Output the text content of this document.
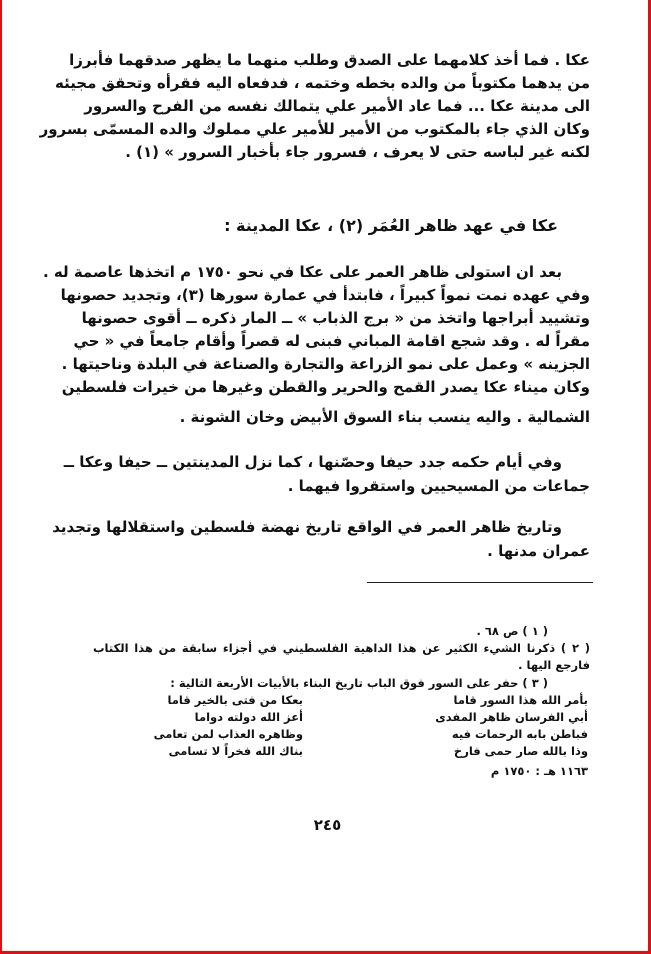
عكا . فما أخذ كلامهما على الصدق وطلب منهما ما يظهر صدقهما فأبرزا
من يدهما مكتوباً من والده بخطه وختمه ، فدفعاه اليه فقرأه وتحقق مجيئه
الى مدينة عكا ... فما عاد الأمير علي يتمالك نفسه من الفرح والسرور
وكان الذي جاء بالمكتوب من الأمير للأمير علي مملوك والده المسمّى بسرور
لكنه غير لباسه حتى لا يعرف ، فسرور جاء بأخبار السرور » (١) .
عكا في عهد ظاهر العُمَر (٢) ، عكا المدينة :
بعد ان استولى ظاهر العمر على عكا في نحو ١٧٥٠ م اتخذها عاصمة له .
وفي عهده نمت نمواً كبيراً ، فابتدأ في عمارة سورها (٣)، وتجديد حصونها
وتشييد أبراجها واتخذ من « برج الذباب » ــ المار ذكره ــ أقوى حصونها
مقراً له . وقد شجع اقامة المباني فبنى له قصراً وأقام جامعاً في « حي
الجزينه » وعمل على نمو الزراعة والتجارة والصناعة في البلدة وناحيتها .
وكان ميناء عكا يصدر القمح والحرير والقطن وغيرها من خيرات فلسطين
الشمالية . واليه ينسب بناء السوق الأبيض وخان الشونة .
وفي أيام حكمه جدد حيفا وحصّنها ، كما نزل المدينتين ــ حيفا وعكا ــ
جماعات من المسيحيين واستقروا فيهما .
وتاريخ ظاهر العمر في الواقع تاريخ نهضة فلسطين واستقلالها وتجديد
عمران مدنها .
( ١ ) ص ٦٨ .
( ٢ ) ذكرنا الشيء الكثير عن هذا الداهية الفلسطيني في أجزاء سابقة من هذا الكتاب
فارجع اليها .
( ٣ ) حفر على السور فوق الباب تاريخ البناء بالأبيات الأربعة التالية :
بأمر الله هذا السور قاما
بعكا من فتى بالخير قاما
أبي الفرسان ظاهر المفدى
أعز الله دولته دواما
فباطن بابه الرحمات فيه
وظاهره العذاب لمن تعامى
وذا بالله صار حمى فارخ
بناك الله فخراً لا تسامى
١١٦٣ هـ : ١٧٥٠ م
٢٤٥
